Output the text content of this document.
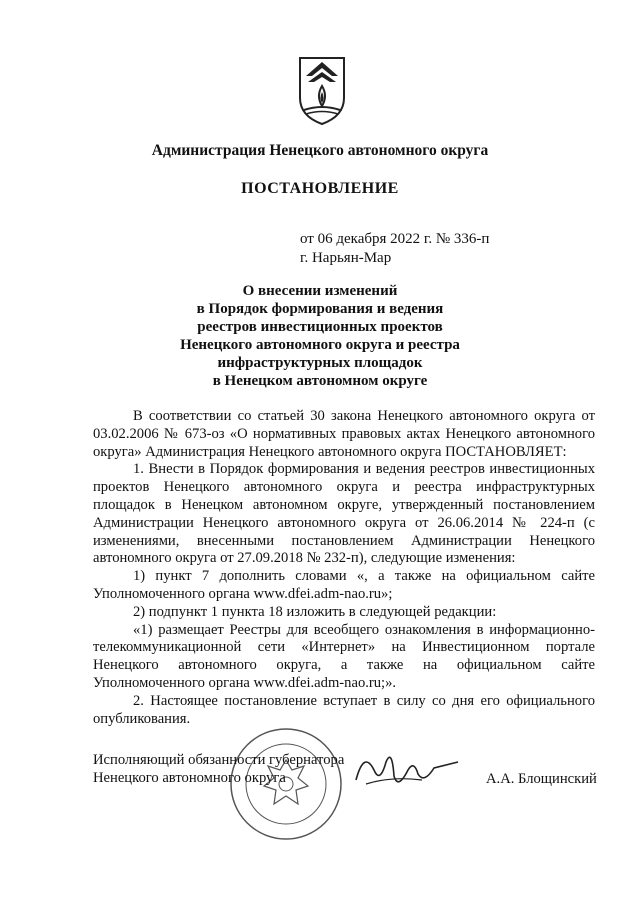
Администрация Ненецкого автономного округа
ПОСТАНОВЛЕНИЕ
от 06 декабря 2022 г. № 336-п
г. Нарьян-Мар
О внесении изменений
в Порядок формирования и ведения
реестров инвестиционных проектов
Ненецкого автономного округа и реестра
инфраструктурных площадок
в Ненецком автономном округе

В соответствии со статьей 30 закона Ненецкого автономного округа от 03.02.2006 № 673-оз «О нормативных правовых актах Ненецкого автономного округа» Администрация Ненецкого автономного округа ПОСТАНОВЛЯЕТ:

1. Внести в Порядок формирования и ведения реестров инвестиционных проектов Ненецкого автономного округа и реестра инфраструктурных площадок в Ненецком автономном округе, утвержденный постановлением Администрации Ненецкого автономного округа от 26.06.2014 № 224-п (с изменениями, внесенными постановлением Администрации Ненецкого автономного округа от 27.09.2018 № 232-п), следующие изменения:

1) пункт 7 дополнить словами «, а также на официальном сайте Уполномоченного органа www.dfei.adm-nao.ru»;

2) подпункт 1 пункта 18 изложить в следующей редакции:

«1) размещает Реестры для всеобщего ознакомления в информационно-телекоммуникационной сети «Интернет» на Инвестиционном портале Ненецкого автономного округа, а также на официальном сайте Уполномоченного органа www.dfei.adm-nao.ru;».

2. Настоящее постановление вступает в силу со дня его официального опубликования.

Исполняющий обязанности губернатора
Ненецкого автономного округа	А.А. Блощинский
